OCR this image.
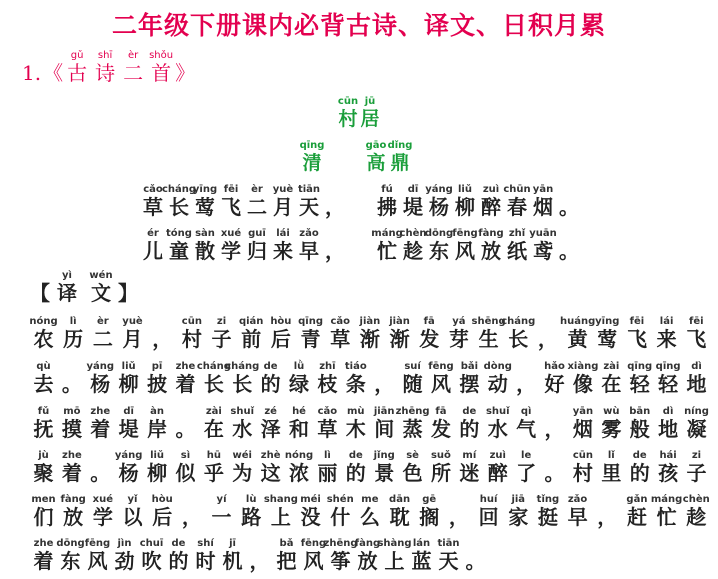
二年级下册课内必背古诗、译文、日积月累
1. 《
gǔ
古
shī
诗
èr
二
shǒu
首 》
cūn
村
jū
居
qīng
清
gāo
高
dǐng
鼎
cǎo
草
cháng
长
yīng
莺
fēi
飞
èr
二
yuè
月
tiān
天
，

fú
拂
dī
堤
yáng
杨
liǔ
柳
zuì
醉
chūn
春
yān
烟
。
ér
儿
tóng
童
sàn
散
xué
学
guī
归
lái
来
zǎo
早
，

máng
忙
chèn
趁
dōng
东
fēng
风
fàng
放
zhǐ
纸
yuān
鸢
。
【
yì
译
wén
文 】
nóng
农
lì
历
èr
二
yuè
月
，
cūn
村
zi
子
qián
前
hòu
后
qīng
青
cǎo
草
jiàn
渐
jiàn
渐
fā
发
yá
芽
shēng
生
cháng
长
，
huáng
黄
yīng
莺
fēi
飞
lái
来
fēi
飞
qù
去
。
yáng
杨
liǔ
柳
pī
披
zhe
着
cháng
长
cháng
长
de
的
lǜ
绿
zhī
枝
tiáo
条
，
suí
随
fēng
风
bǎi
摆
dòng
动
，
hǎo
好
xiàng
像
zài
在
qīng
轻
qīng
轻
dì
地
fǔ
抚
mō
摸
zhe
着
dī
堤
àn
岸
。
zài
在
shuǐ
水
zé
泽
hé
和
cǎo
草
mù
木
jiān
间
zhēng
蒸
fā
发
de
的
shuǐ
水
qì
气
，
yān
烟
wù
雾
bān
般
dì
地
níng
凝
jù
聚
zhe
着
。
yáng
杨
liǔ
柳
sì
似
hū
乎
wéi
为
zhè
这
nóng
浓
lì
丽
de
的
jǐng
景
sè
色
suǒ
所
mí
迷
zuì
醉
le
了
。
cūn
村
lǐ
里
de
的
hái
孩
zi
子
men
们
fàng
放
xué
学
yǐ
以
hòu
后
，
yí
一
lù
路
shang
上
méi
没
shén
什
me
么
dān
耽
gē
搁
，
huí
回
jiā
家
tǐng
挺
zǎo
早
，
gǎn
赶
máng
忙
chèn
趁
zhe
着
dōng
东
fēng
风
jìn
劲
chuī
吹
de
的
shí
时
jī
机
，
bǎ
把
fēng
风
zhēng
筝
fàng
放
shàng
上
lán
蓝
tiān
天
。
